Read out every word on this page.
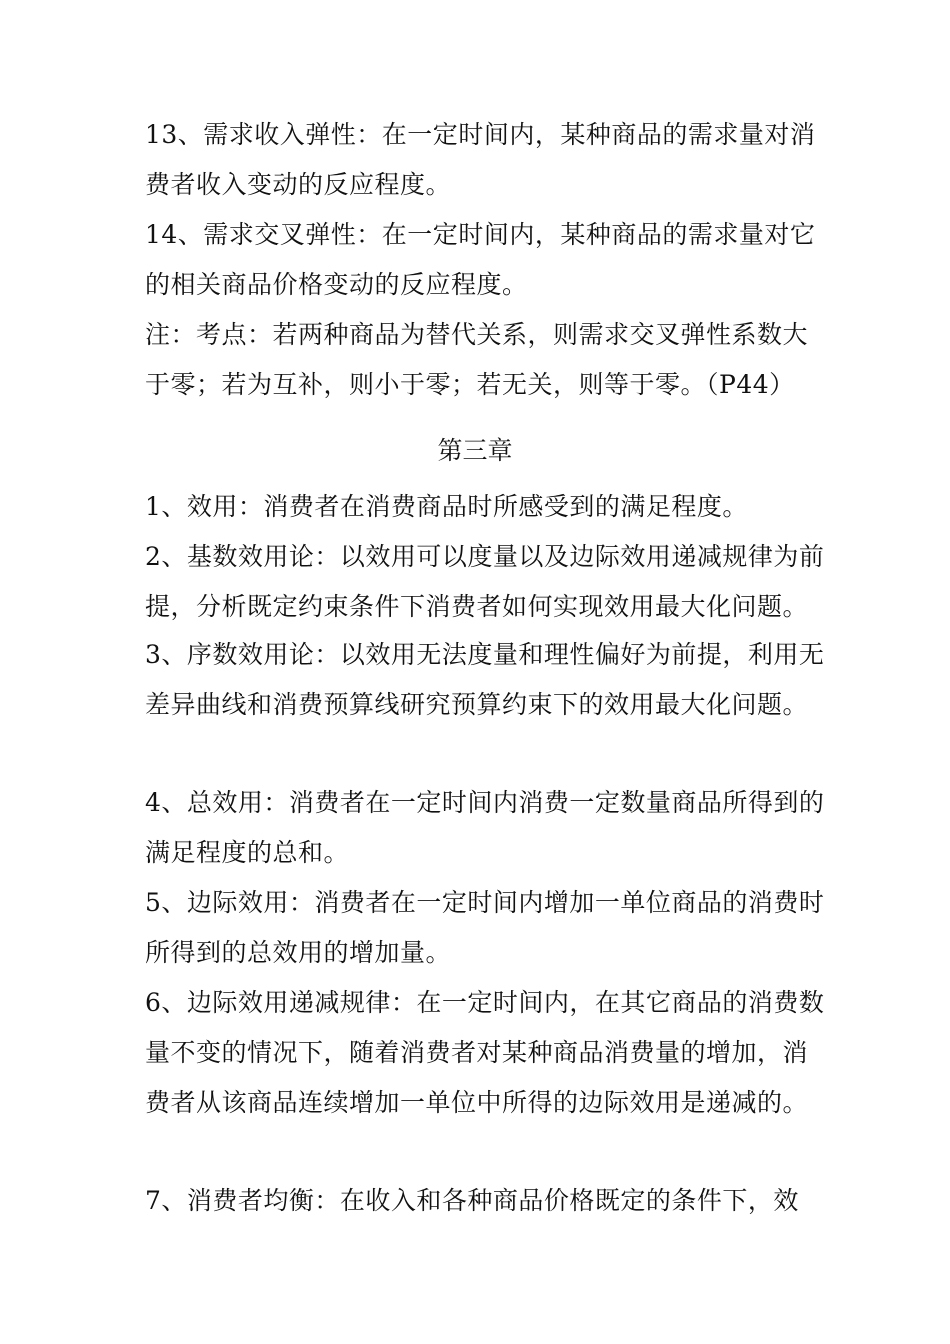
13、需求收入弹性：在一定时间内，某种商品的需求量对消费者收入变动的反应程度。

14、需求交叉弹性：在一定时间内，某种商品的需求量对它的相关商品价格变动的反应程度。

注：考点：若两种商品为替代关系，则需求交叉弹性系数大于零；若为互补，则小于零；若无关，则等于零。（P44）

第三章

1、效用：消费者在消费商品时所感受到的满足程度。

2、基数效用论：以效用可以度量以及边际效用递减规律为前提，分析既定约束条件下消费者如何实现效用最大化问题。

3、序数效用论：以效用无法度量和理性偏好为前提，利用无差异曲线和消费预算线研究预算约束下的效用最大化问题。

4、总效用：消费者在一定时间内消费一定数量商品所得到的满足程度的总和。

5、边际效用：消费者在一定时间内增加一单位商品的消费时所得到的总效用的增加量。

6、边际效用递减规律：在一定时间内，在其它商品的消费数量不变的情况下，随着消费者对某种商品消费量的增加，消费者从该商品连续增加一单位中所得的边际效用是递减的。

7、消费者均衡：在收入和各种商品价格既定的条件下，效
